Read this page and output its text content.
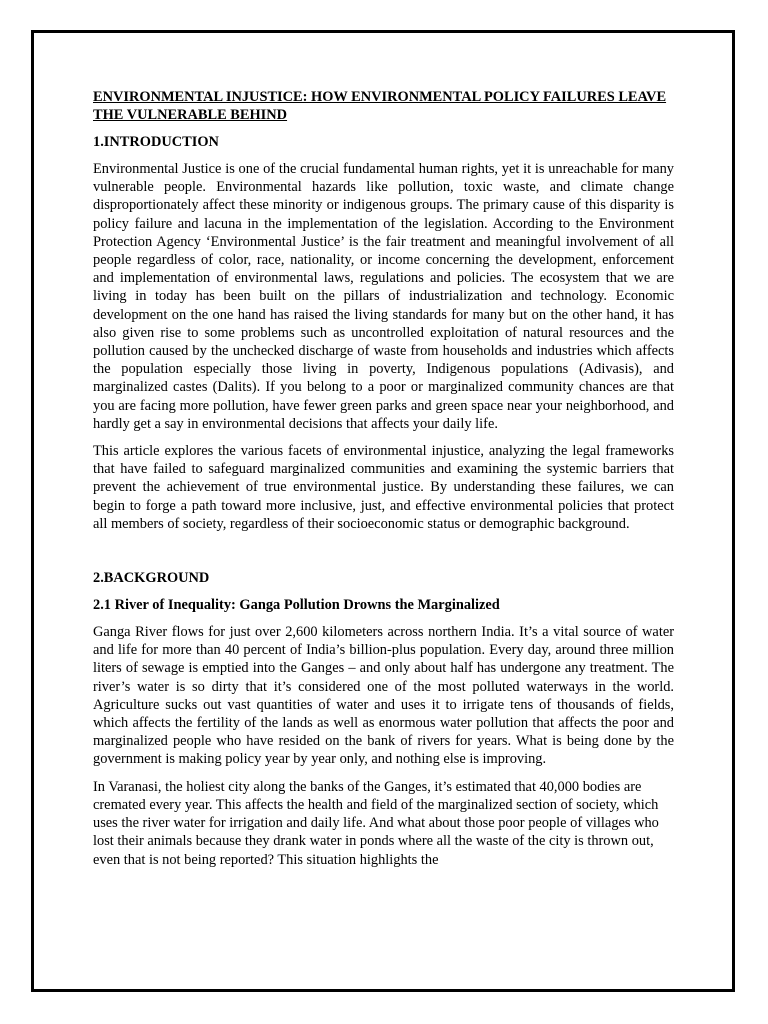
ENVIRONMENTAL INJUSTICE: HOW ENVIRONMENTAL POLICY FAILURES LEAVE THE VULNERABLE BEHIND
1.INTRODUCTION

Environmental Justice is one of the crucial fundamental human rights, yet it is unreachable for many vulnerable people. Environmental hazards like pollution, toxic waste, and climate change disproportionately affect these minority or indigenous groups. The primary cause of this disparity is policy failure and lacuna in the implementation of the legislation. According to the Environment Protection Agency ‘Environmental Justice’ is the fair treatment and meaningful involvement of all people regardless of color, race, nationality, or income concerning the development, enforcement and implementation of environmental laws, regulations and policies. The ecosystem that we are living in today has been built on the pillars of industrialization and technology. Economic development on the one hand has raised the living standards for many but on the other hand, it has also given rise to some problems such as uncontrolled exploitation of natural resources and the pollution caused by the unchecked discharge of waste from households and industries which affects the population especially those living in poverty, Indigenous populations (Adivasis), and marginalized castes (Dalits). If you belong to a poor or marginalized community chances are that you are facing more pollution, have fewer green parks and green space near your neighborhood, and hardly get a say in environmental decisions that affects your daily life.

This article explores the various facets of environmental injustice, analyzing the legal frameworks that have failed to safeguard marginalized communities and examining the systemic barriers that prevent the achievement of true environmental justice. By understanding these failures, we can begin to forge a path toward more inclusive, just, and effective environmental policies that protect all members of society, regardless of their socioeconomic status or demographic background.

2.BACKGROUND
2.1 River of Inequality: Ganga Pollution Drowns the Marginalized

Ganga River flows for just over 2,600 kilometers across northern India. It’s a vital source of water and life for more than 40 percent of India’s billion-plus population. Every day, around three million liters of sewage is emptied into the Ganges – and only about half has undergone any treatment. The river’s water is so dirty that it’s considered one of the most polluted waterways in the world. Agriculture sucks out vast quantities of water and uses it to irrigate tens of thousands of fields, which affects the fertility of the lands as well as enormous water pollution that affects the poor and marginalized people who have resided on the bank of rivers for years. What is being done by the government is making policy year by year only, and nothing else is improving.

In Varanasi, the holiest city along the banks of the Ganges, it’s estimated that 40,000 bodies are cremated every year. This affects the health and field of the marginalized section of society, which uses the river water for irrigation and daily life. And what about those poor people of villages who lost their animals because they drank water in ponds where all the waste of the city is thrown out, even that is not being reported? This situation highlights the
